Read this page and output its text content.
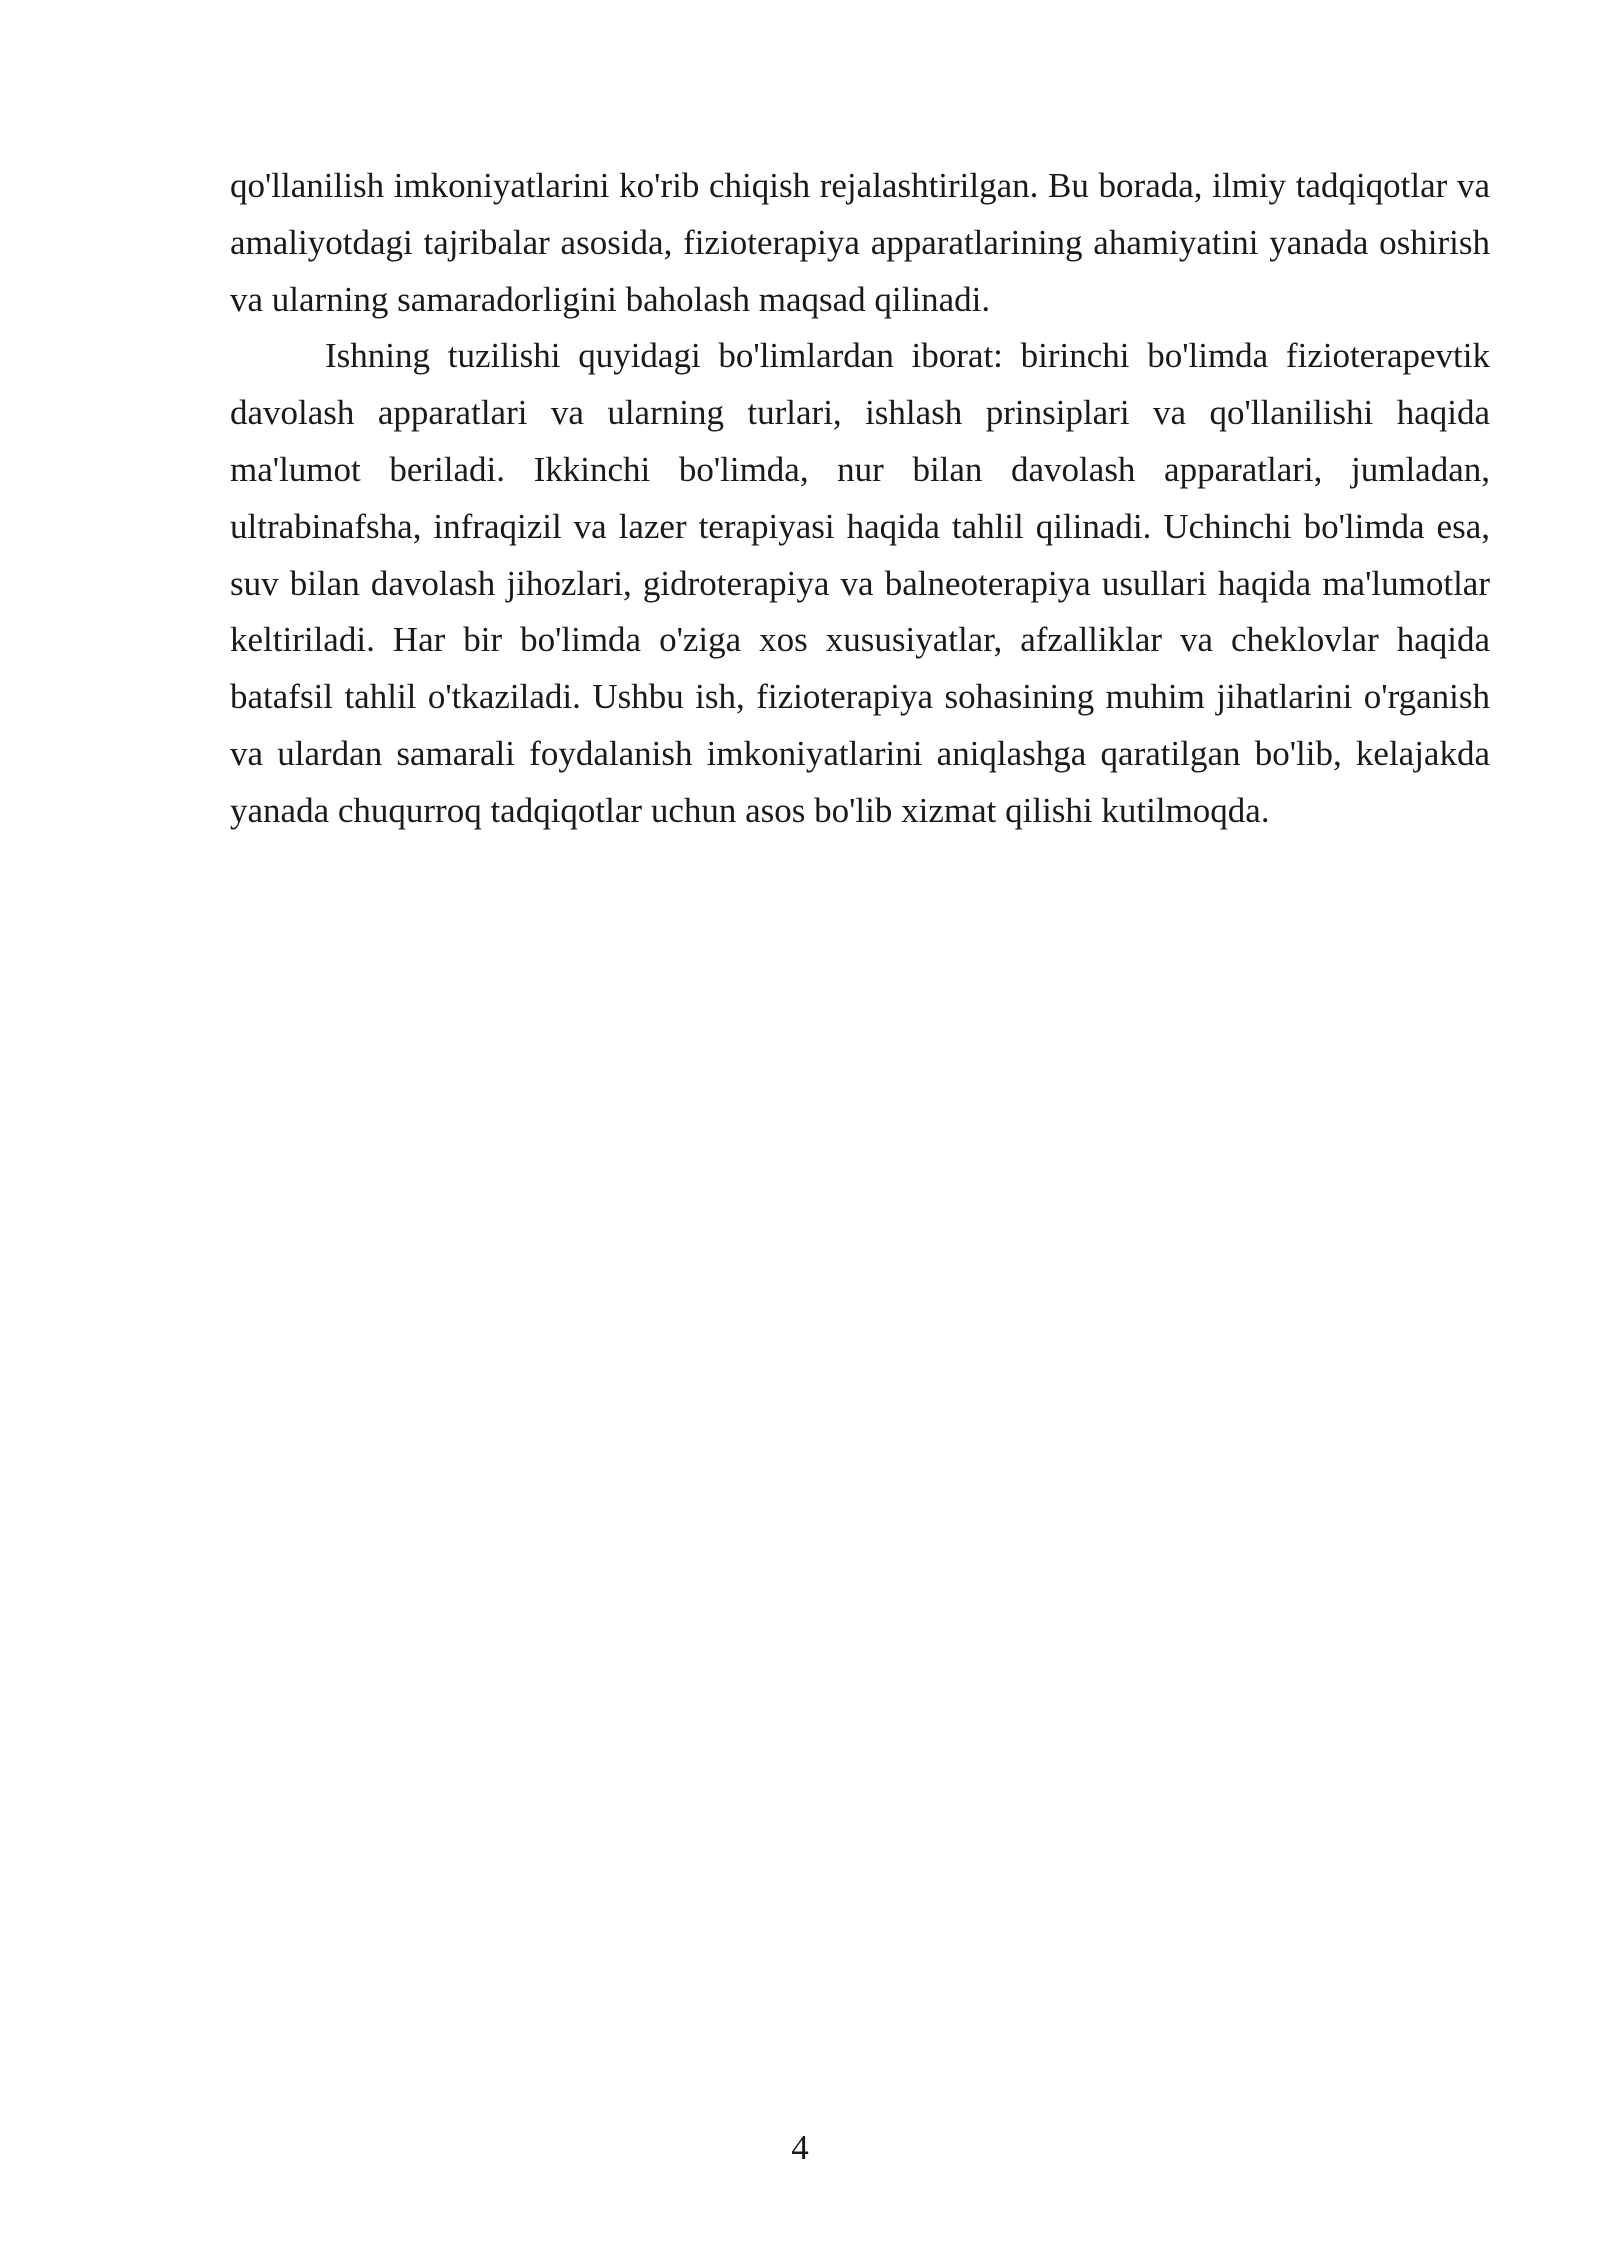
qo'llanilish imkoniyatlarini ko'rib chiqish rejalashtirilgan. Bu borada, ilmiy tadqiqotlar va amaliyotdagi tajribalar asosida, fizioterapiya apparatlarining ahamiyatini yanada oshirish va ularning samaradorligini baholash maqsad qilinadi.

Ishning tuzilishi quyidagi bo'limlardan iborat: birinchi bo'limda fizioterapevtik davolash apparatlari va ularning turlari, ishlash prinsiplari va qo'llanilishi haqida ma'lumot beriladi. Ikkinchi bo'limda, nur bilan davolash apparatlari, jumladan, ultrabinafsha, infraqizil va lazer terapiyasi haqida tahlil qilinadi. Uchinchi bo'limda esa, suv bilan davolash jihozlari, gidroterapiya va balneoterapiya usullari haqida ma'lumotlar keltiriladi. Har bir bo'limda o'ziga xos xususiyatlar, afzalliklar va cheklovlar haqida batafsil tahlil o'tkaziladi. Ushbu ish, fizioterapiya sohasining muhim jihatlarini o'rganish va ulardan samarali foydalanish imkoniyatlarini aniqlashga qaratilgan bo'lib, kelajakda yanada chuqurroq tadqiqotlar uchun asos bo'lib xizmat qilishi kutilmoqda.

4
